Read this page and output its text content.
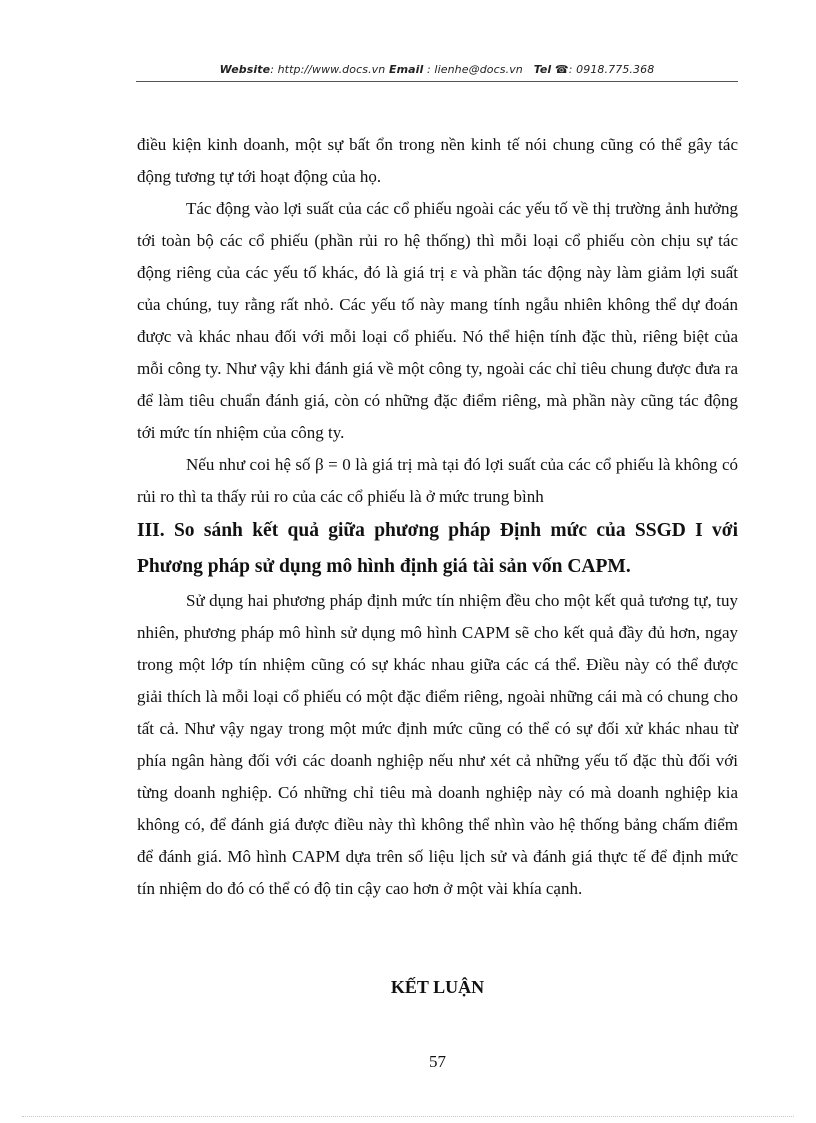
Website: http://www.docs.vn Email : lienhe@docs.vn Tel ☎: 0918.775.368

điều kiện kinh doanh, một sự bất ổn trong nền kinh tế nói chung cũng có thể gây tác động tương tự tới hoạt động của họ.

Tác động vào lợi suất của các cổ phiếu ngoài các yếu tố về thị trường ảnh hưởng tới toàn bộ các cổ phiếu (phần rủi ro hệ thống) thì mỗi loại cổ phiếu còn chịu sự tác động riêng của các yếu tố khác, đó là giá trị ε và phần tác động này làm giảm lợi suất của chúng, tuy rằng rất nhỏ. Các yếu tố này mang tính ngẫu nhiên không thể dự đoán được và khác nhau đối với mỗi loại cổ phiếu. Nó thể hiện tính đặc thù, riêng biệt của mỗi công ty. Như vậy khi đánh giá về một công ty, ngoài các chỉ tiêu chung được đưa ra để làm tiêu chuẩn đánh giá, còn có những đặc điểm riêng, mà phần này cũng tác động tới mức tín nhiệm của công ty.

Nếu như coi hệ số β = 0 là giá trị mà tại đó lợi suất của các cổ phiếu là không có rủi ro thì ta thấy rủi ro của các cổ phiếu là ở mức trung bình

III. So sánh kết quả giữa phương pháp Định mức của SSGD I với Phương pháp sử dụng mô hình định giá tài sản vốn CAPM.

Sử dụng hai phương pháp định mức tín nhiệm đều cho một kết quả tương tự, tuy nhiên, phương pháp mô hình sử dụng mô hình CAPM sẽ cho kết quả đầy đủ hơn, ngay trong một lớp tín nhiệm cũng có sự khác nhau giữa các cá thể. Điều này có thể được giải thích là mỗi loại cổ phiếu có một đặc điểm riêng, ngoài những cái mà có chung cho tất cả. Như vậy ngay trong một mức định mức cũng có thể có sự đối xử khác nhau từ phía ngân hàng đối với các doanh nghiệp nếu như xét cả những yếu tố đặc thù đối với từng doanh nghiệp. Có những chỉ tiêu mà doanh nghiệp này có mà doanh nghiệp kia không có, để đánh giá được điều này thì không thể nhìn vào hệ thống bảng chấm điểm để đánh giá. Mô hình CAPM dựa trên số liệu lịch sử và đánh giá thực tế để định mức tín nhiệm do đó có thể có độ tin cậy cao hơn ở một vài khía cạnh.

KẾT LUẬN
57
